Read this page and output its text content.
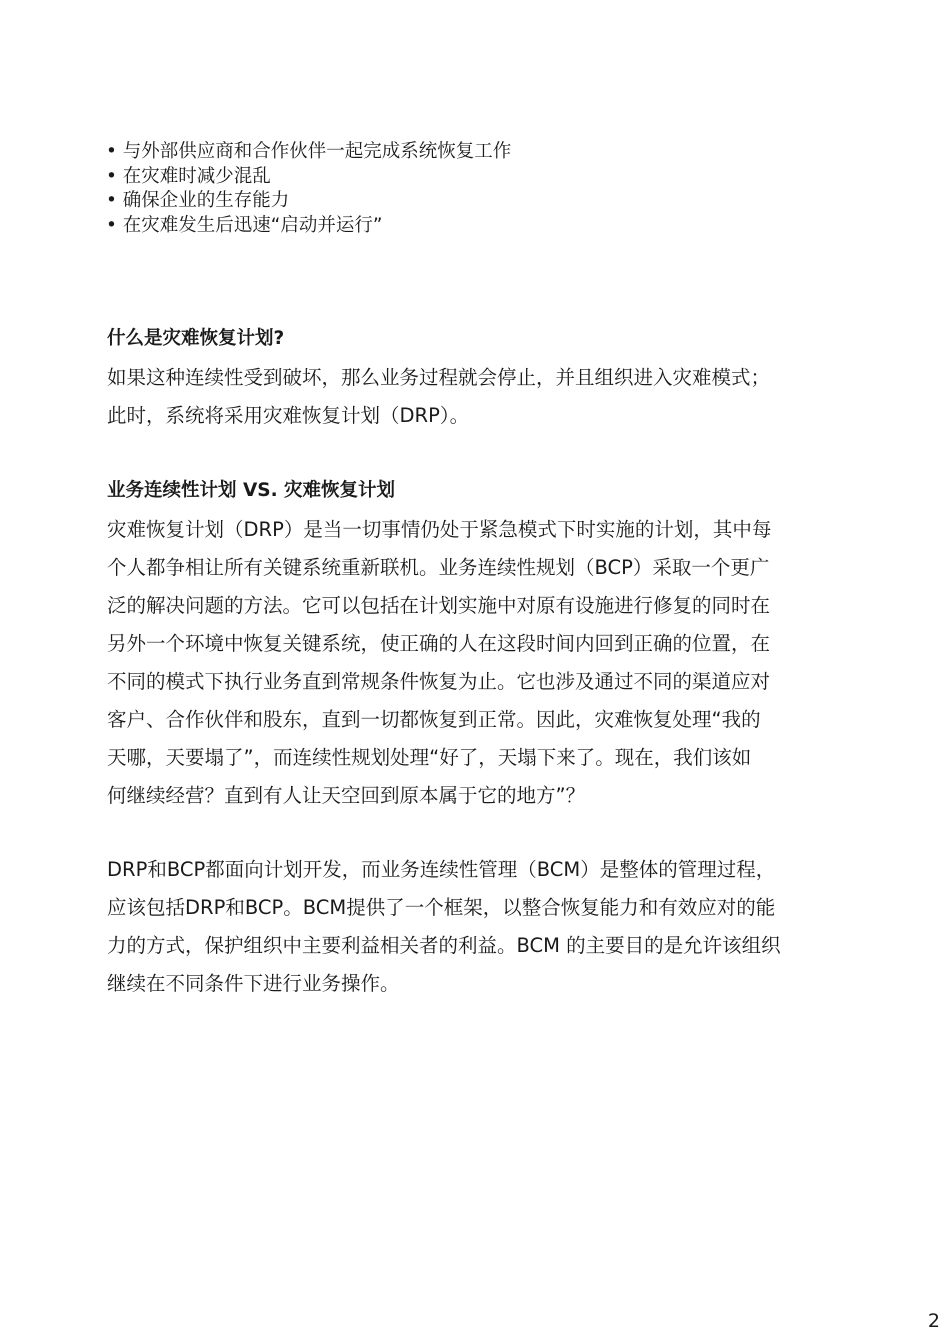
• 与外部供应商和合作伙伴一起完成系统恢复工作
• 在灾难时减少混乱
• 确保企业的生存能力
• 在灾难发生后迅速“启动并运行”
什么是灾难恢复计划?

如果这种连续性受到破坏，那么业务过程就会停止，并且组织进入灾难模式；
此时，系统将采用灾难恢复计划（DRP）。

业务连续性计划 VS. 灾难恢复计划

灾难恢复计划（DRP）是当一切事情仍处于紧急模式下时实施的计划，其中每
个人都争相让所有关键系统重新联机。业务连续性规划（BCP）采取一个更广
泛的解决问题的方法。它可以包括在计划实施中对原有设施进行修复的同时在
另外一个环境中恢复关键系统，使正确的人在这段时间内回到正确的位置，在
不同的模式下执行业务直到常规条件恢复为止。它也涉及通过不同的渠道应对
客户、合作伙伴和股东，直到一切都恢复到正常。因此，灾难恢复处理“我的
天哪，天要塌了”，而连续性规划处理“好了，天塌下来了。现在，我们该如
何继续经营？直到有人让天空回到原本属于它的地方”？

DRP和BCP都面向计划开发，而业务连续性管理（BCM）是整体的管理过程，
应该包括DRP和BCP。BCM提供了一个框架，以整合恢复能力和有效应对的能
力的方式，保护组织中主要利益相关者的利益。BCM 的主要目的是允许该组织
继续在不同条件下进行业务操作。

2
